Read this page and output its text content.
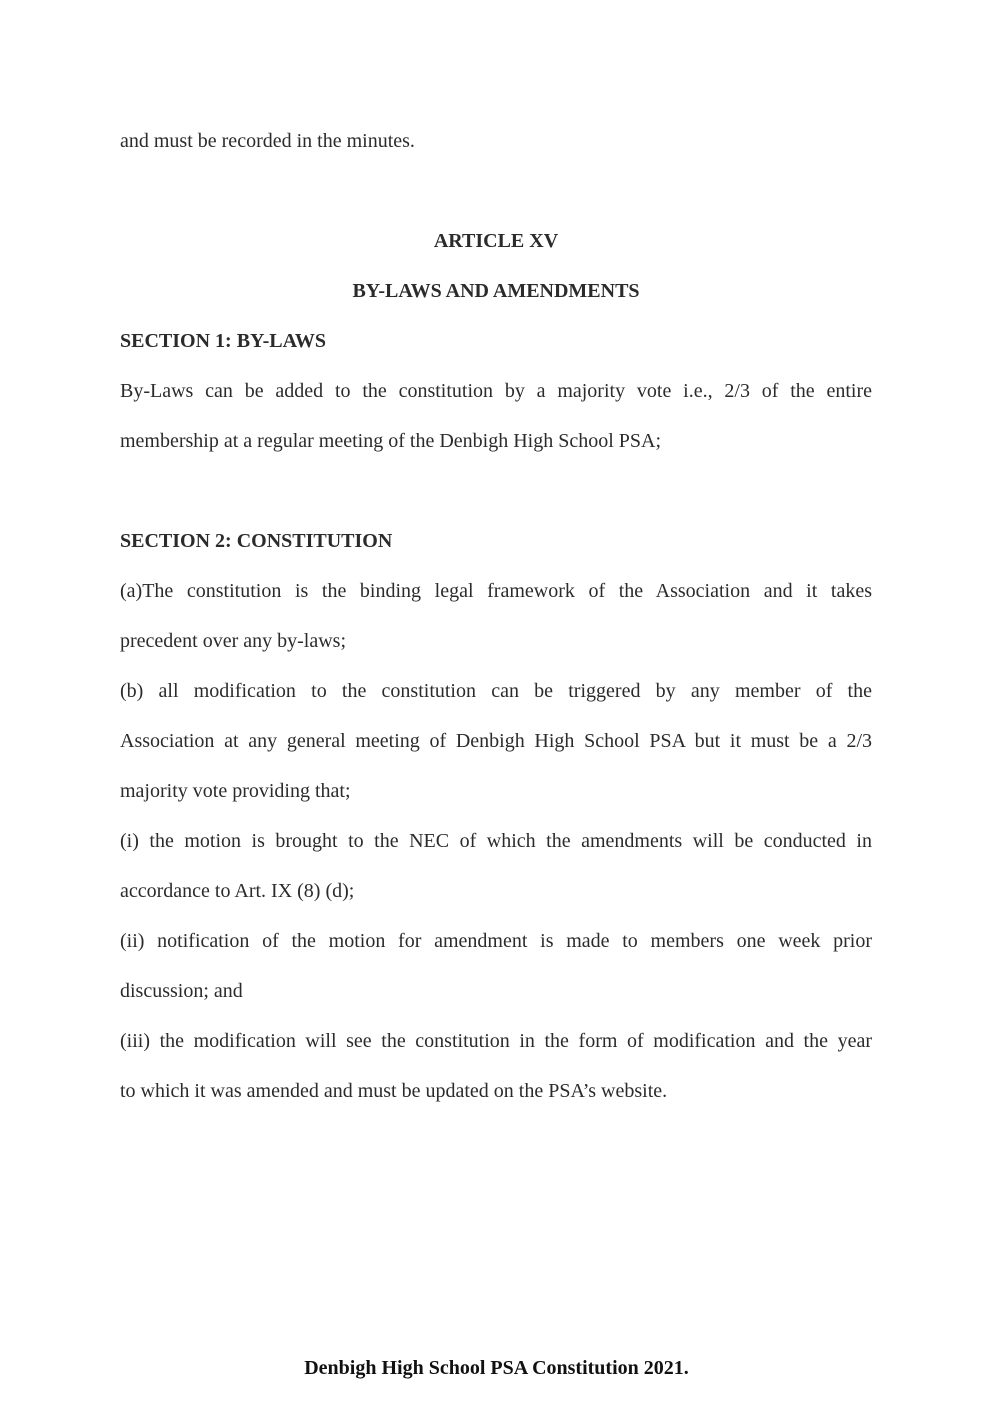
and must be recorded in the minutes.

ARTICLE XV

BY-LAWS AND AMENDMENTS

SECTION 1: BY-LAWS

By-Laws can be added to the constitution by a majority vote i.e., 2/3 of the entire

membership at a regular meeting of the Denbigh High School PSA;

SECTION 2: CONSTITUTION

(a)The constitution is the binding legal framework of the Association and it takes

precedent over any by-laws;

(b) all modification to the constitution can be triggered by any member of the

Association at any general meeting of Denbigh High School PSA but it must be a 2/3

majority vote providing that;

(i) the motion is brought to the NEC of which the amendments will be conducted in

accordance to Art. IX (8) (d);

(ii) notification of the motion for amendment is made to members one week prior

discussion; and

(iii) the modification will see the constitution in the form of modification and the year

to which it was amended and must be updated on the PSA’s website.

Denbigh High School PSA Constitution 2021.
